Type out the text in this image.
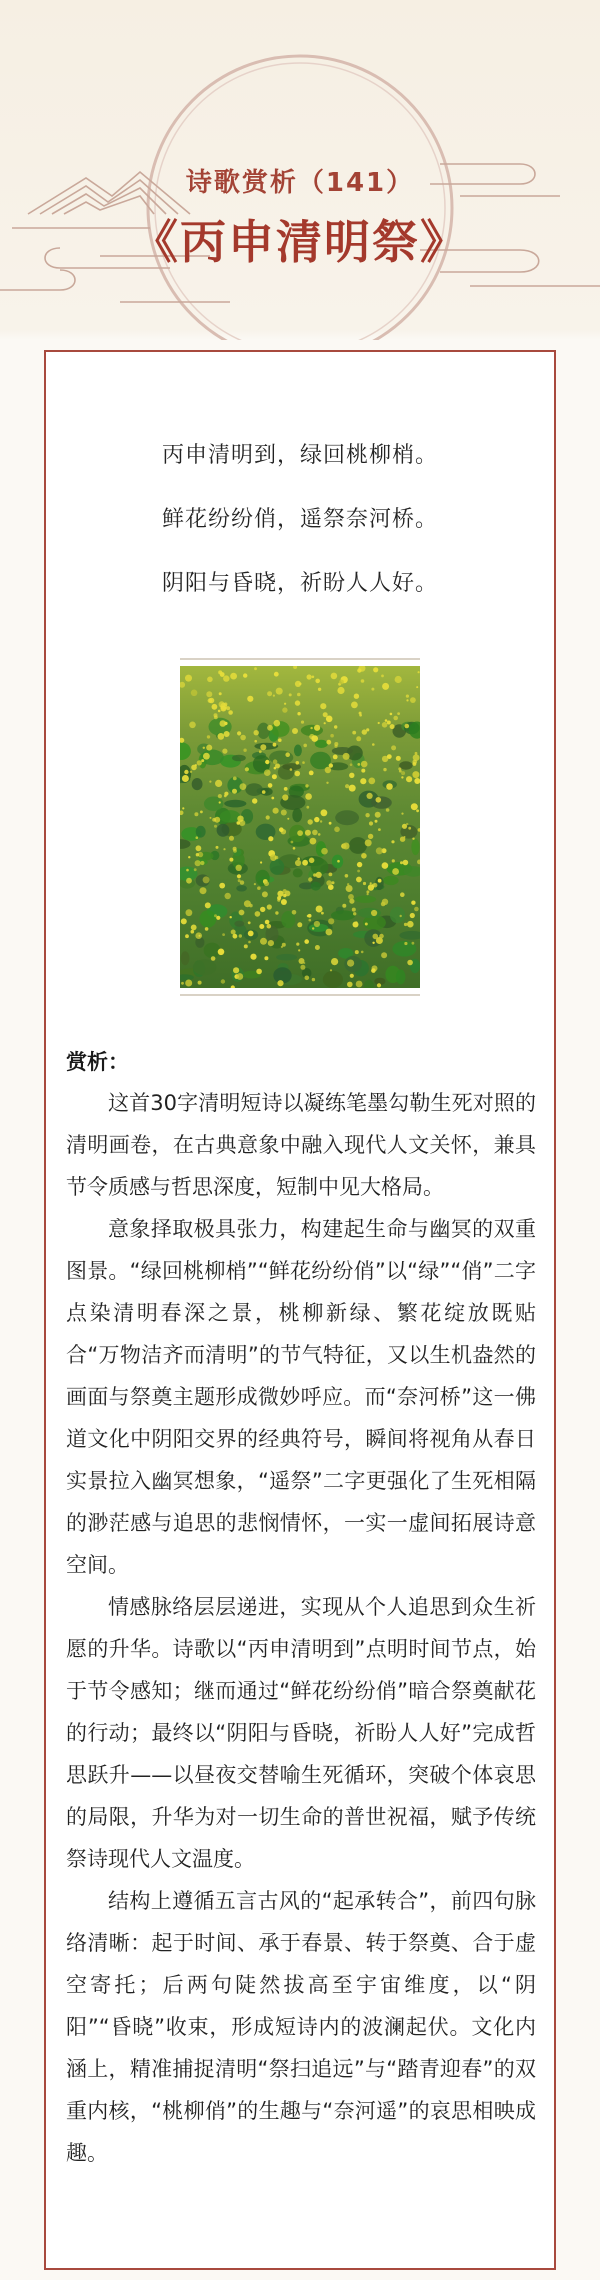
诗歌赏析（141）
《丙申清明祭》
丙申清明到，绿回桃柳梢。
鲜花纷纷俏，遥祭奈河桥。
阴阳与昏晓，祈盼人人好。
赏析：

这首30字清明短诗以凝练笔墨勾勒生死对照的清明画卷，在古典意象中融入现代人文关怀，兼具节令质感与哲思深度，短制中见大格局。

意象择取极具张力，构建起生命与幽冥的双重图景。“绿回桃柳梢”“鲜花纷纷俏”以“绿”“俏”二字点染清明春深之景，桃柳新绿、繁花绽放既贴合“万物洁齐而清明”的节气特征，又以生机盎然的画面与祭奠主题形成微妙呼应。而“奈河桥”这一佛道文化中阴阳交界的经典符号，瞬间将视角从春日实景拉入幽冥想象，“遥祭”二字更强化了生死相隔的渺茫感与追思的悲悯情怀，一实一虚间拓展诗意空间。

情感脉络层层递进，实现从个人追思到众生祈愿的升华。诗歌以“丙申清明到”点明时间节点，始于节令感知；继而通过“鲜花纷纷俏”暗合祭奠献花的行动；最终以“阴阳与昏晓，祈盼人人好”完成哲思跃升——以昼夜交替喻生死循环，突破个体哀思的局限，升华为对一切生命的普世祝福，赋予传统祭诗现代人文温度。

结构上遵循五言古风的“起承转合”，前四句脉络清晰：起于时间、承于春景、转于祭奠、合于虚空寄托；后两句陡然拔高至宇宙维度，以“阴阳”“昏晓”收束，形成短诗内的波澜起伏。文化内涵上，精准捕捉清明“祭扫追远”与“踏青迎春”的双重内核，“桃柳俏”的生趣与“奈河遥”的哀思相映成趣。
